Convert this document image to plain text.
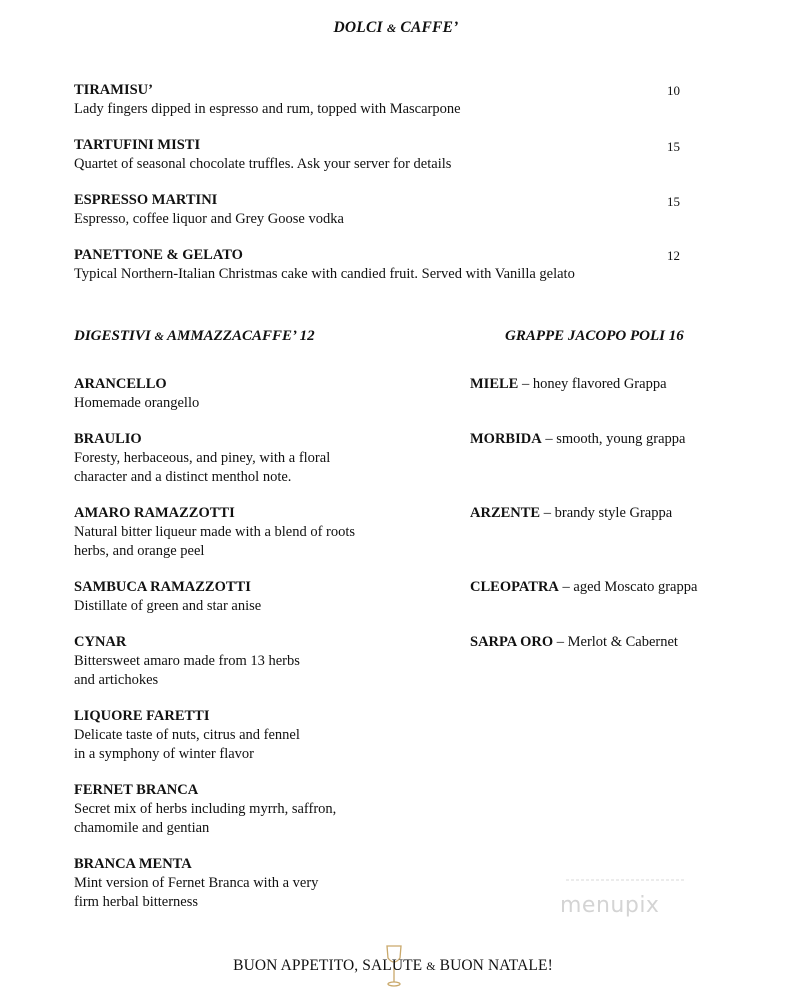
DOLCI & CAFFE’
TIRAMISU’
Lady fingers dipped in espresso and rum, topped with Mascarpone
10
TARTUFINI MISTI
Quartet of seasonal chocolate truffles. Ask your server for details
15
ESPRESSO MARTINI
Espresso, coffee liquor and Grey Goose vodka
15
PANETTONE & GELATO
Typical Northern-Italian Christmas cake with candied fruit. Served with Vanilla gelato
12
DIGESTIVI & AMMAZZACAFFE’ 12	GRAPPE JACOPO POLI 16
ARANCELLO
Homemade orangello
BRAULIO
Foresty, herbaceous, and piney, with a floral
character and a distinct menthol note.
AMARO RAMAZZOTTI
Natural bitter liqueur made with a blend of roots
herbs, and orange peel
SAMBUCA RAMAZZOTTI
Distillate of green and star anise
CYNAR
Bittersweet amaro made from 13 herbs
and artichokes
LIQUORE FARETTI
Delicate taste of nuts, citrus and fennel
in a symphony of winter flavor
FERNET BRANCA
Secret mix of herbs including myrrh, saffron,
chamomile and gentian
BRANCA MENTA
Mint version of Fernet Branca with a very
firm herbal bitterness
MIELE – honey flavored Grappa
MORBIDA – smooth, young grappa
ARZENTE – brandy style Grappa
CLEOPATRA – aged Moscato grappa
SARPA ORO – Merlot & Cabernet
menupix
BUON APPETITO, SALUTE & BUON NATALE!
